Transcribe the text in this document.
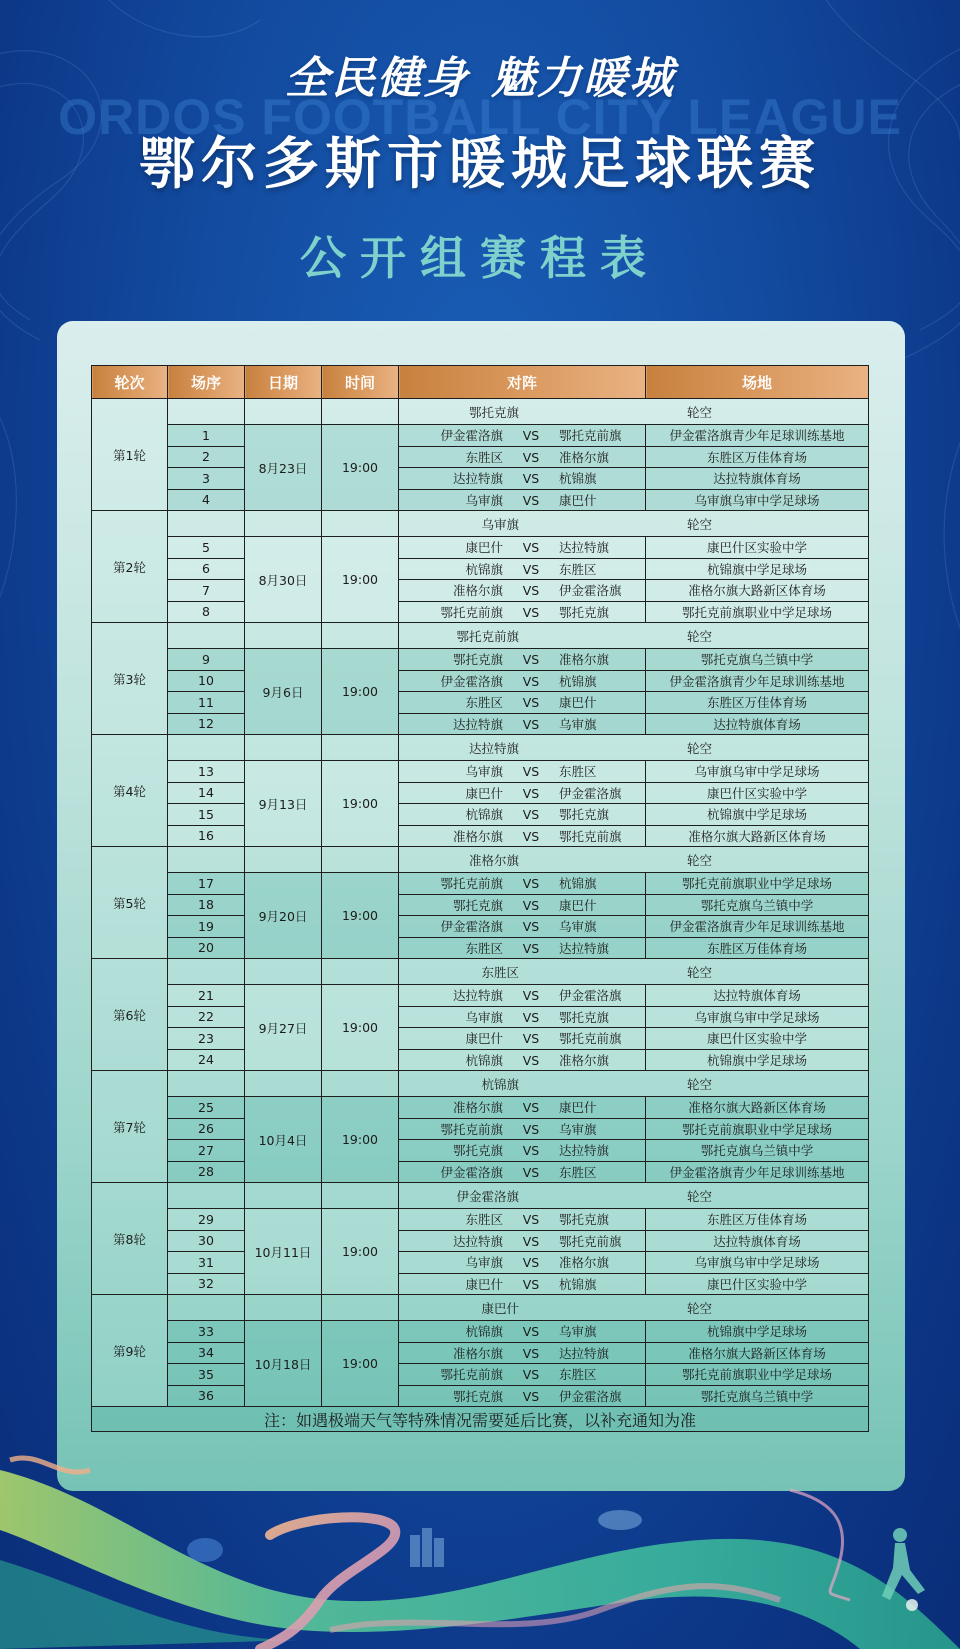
ORDOS FOOTBALL CITY LEAGUE
全民健身 魅力暖城
鄂尔多斯市暖城足球联赛
公开组赛程表
轮次	场序	日期	时间	对阵	场地
第1轮				鄂托克旗 轮空	
	1	8月23日	19:00	伊金霍洛旗 VS 鄂托克前旗	伊金霍洛旗青少年足球训练基地
	2			东胜区 VS 准格尔旗	东胜区万佳体育场
	3			达拉特旗 VS 杭锦旗	达拉特旗体育场
	4			乌审旗 VS 康巴什	乌审旗乌审中学足球场
第2轮				乌审旗 轮空	
	5	8月30日	19:00	康巴什 VS 达拉特旗	康巴什区实验中学
	6			杭锦旗 VS 东胜区	杭锦旗中学足球场
	7			准格尔旗 VS 伊金霍洛旗	准格尔旗大路新区体育场
	8			鄂托克前旗 VS 鄂托克旗	鄂托克前旗职业中学足球场
第3轮				鄂托克前旗 轮空	
	9	9月6日	19:00	鄂托克旗 VS 准格尔旗	鄂托克旗乌兰镇中学
	10			伊金霍洛旗 VS 杭锦旗	伊金霍洛旗青少年足球训练基地
	11			东胜区 VS 康巴什	东胜区万佳体育场
	12			达拉特旗 VS 乌审旗	达拉特旗体育场
第4轮				达拉特旗 轮空	
	13	9月13日	19:00	乌审旗 VS 东胜区	乌审旗乌审中学足球场
	14			康巴什 VS 伊金霍洛旗	康巴什区实验中学
	15			杭锦旗 VS 鄂托克旗	杭锦旗中学足球场
	16			准格尔旗 VS 鄂托克前旗	准格尔旗大路新区体育场
第5轮				准格尔旗 轮空	
	17	9月20日	19:00	鄂托克前旗 VS 杭锦旗	鄂托克前旗职业中学足球场
	18			鄂托克旗 VS 康巴什	鄂托克旗乌兰镇中学
	19			伊金霍洛旗 VS 乌审旗	伊金霍洛旗青少年足球训练基地
	20			东胜区 VS 达拉特旗	东胜区万佳体育场
第6轮				东胜区 轮空	
	21	9月27日	19:00	达拉特旗 VS 伊金霍洛旗	达拉特旗体育场
	22			乌审旗 VS 鄂托克旗	乌审旗乌审中学足球场
	23			康巴什 VS 鄂托克前旗	康巴什区实验中学
	24			杭锦旗 VS 准格尔旗	杭锦旗中学足球场
第7轮				杭锦旗 轮空	
	25	10月4日	19:00	准格尔旗 VS 康巴什	准格尔旗大路新区体育场
	26			鄂托克前旗 VS 乌审旗	鄂托克前旗职业中学足球场
	27			鄂托克旗 VS 达拉特旗	鄂托克旗乌兰镇中学
	28			伊金霍洛旗 VS 东胜区	伊金霍洛旗青少年足球训练基地
第8轮				伊金霍洛旗 轮空	
	29	10月11日	19:00	东胜区 VS 鄂托克旗	东胜区万佳体育场
	30			达拉特旗 VS 鄂托克前旗	达拉特旗体育场
	31			乌审旗 VS 准格尔旗	乌审旗乌审中学足球场
	32			康巴什 VS 杭锦旗	康巴什区实验中学
第9轮				康巴什 轮空	
	33	10月18日	19:00	杭锦旗 VS 乌审旗	杭锦旗中学足球场
	34			准格尔旗 VS 达拉特旗	准格尔旗大路新区体育场
	35			鄂托克前旗 VS 东胜区	鄂托克前旗职业中学足球场
	36			鄂托克旗 VS 伊金霍洛旗	鄂托克旗乌兰镇中学
注：如遇极端天气等特殊情况需要延后比赛，以补充通知为准					
